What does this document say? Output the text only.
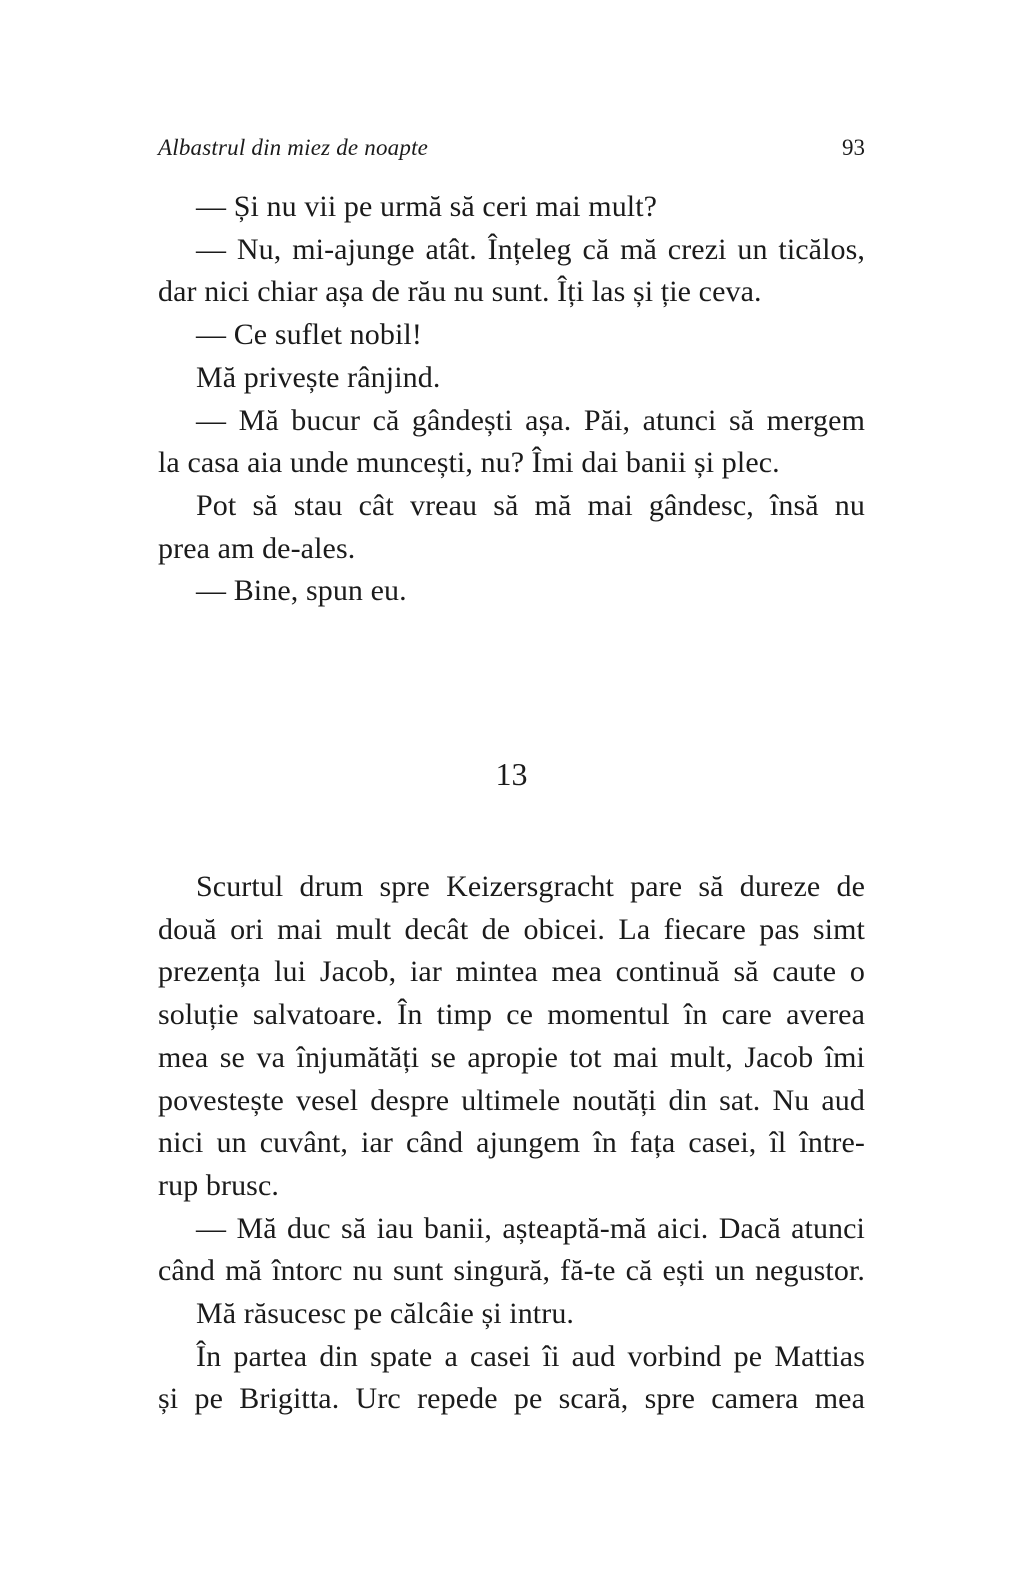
Albastrul din miez de noapte	93
— Și nu vii pe urmă să ceri mai mult?
— Nu, mi-ajunge atât. Înțeleg că mă crezi un ticălos,
dar nici chiar așa de rău nu sunt. Îți las și ție ceva.
— Ce suflet nobil!
Mă privește rânjind.
— Mă bucur că gândești așa. Păi, atunci să mergem
la casa aia unde muncești, nu? Îmi dai banii și plec.
Pot să stau cât vreau să mă mai gândesc, însă nu
prea am de-ales.
— Bine, spun eu.
13
Scurtul drum spre Keizersgracht pare să dureze de
două ori mai mult decât de obicei. La fiecare pas simt
prezența lui Jacob, iar mintea mea continuă să caute o
soluție salvatoare. În timp ce momentul în care averea
mea se va înjumătăți se apropie tot mai mult, Jacob îmi
povestește vesel despre ultimele noutăți din sat. Nu aud
nici un cuvânt, iar când ajungem în fața casei, îl între-
rup brusc.
— Mă duc să iau banii, așteaptă-mă aici. Dacă atunci
când mă întorc nu sunt singură, fă-te că ești un negustor.
Mă răsucesc pe călcâie și intru.
În partea din spate a casei îi aud vorbind pe Mattias
și pe Brigitta. Urc repede pe scară, spre camera mea
